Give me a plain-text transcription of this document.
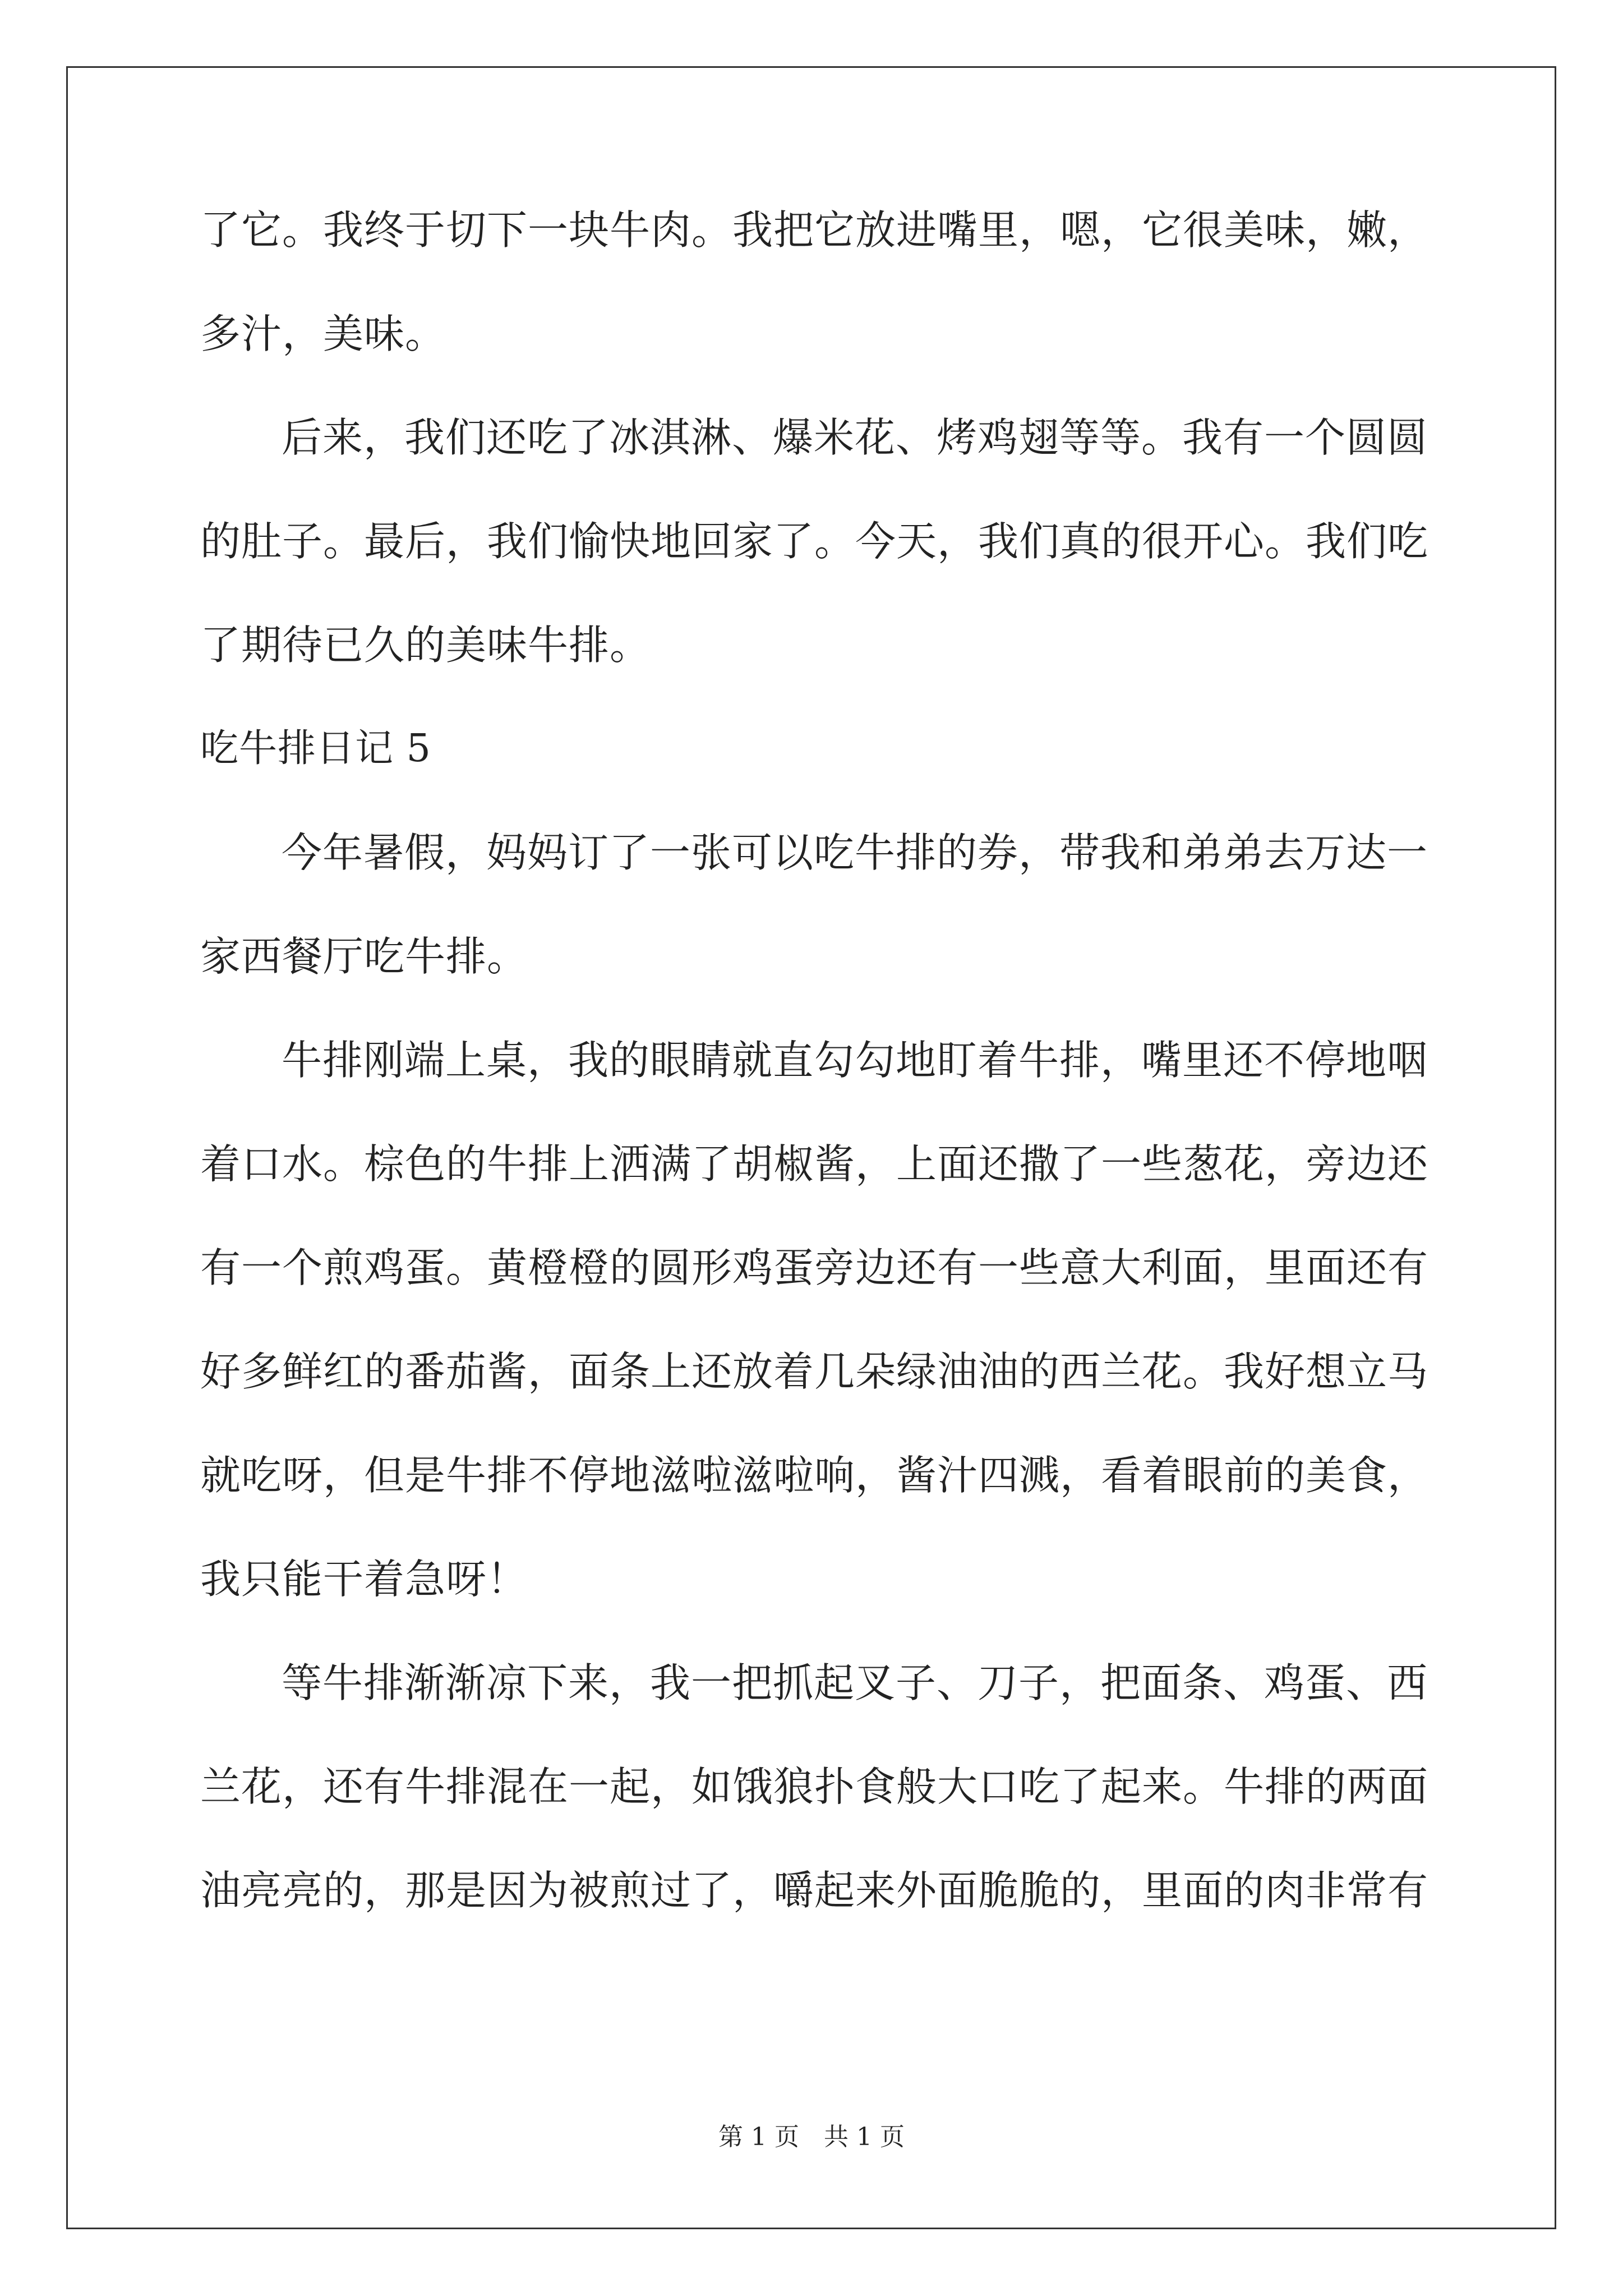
了它。我终于切下一块牛肉。我把它放进嘴里，嗯，它很美味，嫩，
多汁，美味。
后来，我们还吃了冰淇淋、爆米花、烤鸡翅等等。我有一个圆圆
的肚子。最后，我们愉快地回家了。今天，我们真的很开心。我们吃
了期待已久的美味牛排。
吃牛排日记 5
今年暑假，妈妈订了一张可以吃牛排的券，带我和弟弟去万达一
家西餐厅吃牛排。
牛排刚端上桌，我的眼睛就直勾勾地盯着牛排，嘴里还不停地咽
着口水。棕色的牛排上洒满了胡椒酱，上面还撒了一些葱花，旁边还
有一个煎鸡蛋。黄橙橙的圆形鸡蛋旁边还有一些意大利面，里面还有
好多鲜红的番茄酱，面条上还放着几朵绿油油的西兰花。我好想立马
就吃呀，但是牛排不停地滋啦滋啦响，酱汁四溅，看着眼前的美食，
我只能干着急呀！
等牛排渐渐凉下来，我一把抓起叉子、刀子，把面条、鸡蛋、西
兰花，还有牛排混在一起，如饿狼扑食般大口吃了起来。牛排的两面
油亮亮的，那是因为被煎过了，嚼起来外面脆脆的，里面的肉非常有
第 1 页　共 1 页
